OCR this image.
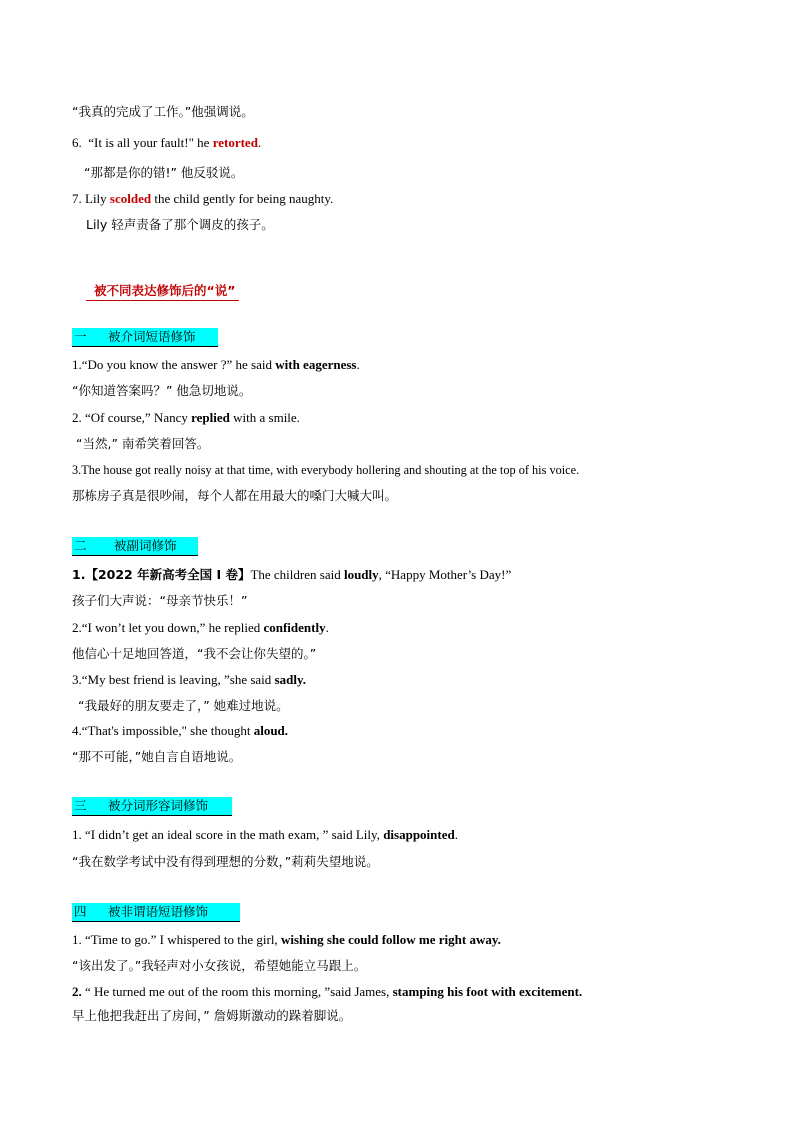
“我真的完成了工作。”他强调说。

6. “It is all your fault!" he retorted.

“那都是你的错!” 他反驳说。

7. Lily scolded the child gently for being naughty.

Lily 轻声责备了那个调皮的孩子。

被不同表达修饰后的“说”
一 被介词短语修饰

1.“Do you know the answer ?” he said with eagerness.

“你知道答案吗？” 他急切地说。

2. “Of course,” Nancy replied with a smile.

“当然,” 南希笑着回答。

3.The house got really noisy at that time, with everybody hollering and shouting at the top of his voice.

那栋房子真是很吵闹，每个人都在用最大的嗓门大喊大叫。

二 被副词修饰

1.【2022 年新高考全国 I 卷】The children said loudly, “Happy Mother’s Day!”

孩子们大声说：“母亲节快乐！”

2.“I won’t let you down,” he replied confidently.

他信心十足地回答道，“我不会让你失望的。”

3.“My best friend is leaving, ”she said sadly.

“我最好的朋友要走了，” 她难过地说。

4.“That's impossible," she thought aloud.

“那不可能，”她自言自语地说。

三 被分词形容词修饰

1. “I didn’t get an ideal score in the math exam, ” said Lily, disappointed.

“我在数学考试中没有得到理想的分数，”莉莉失望地说。

四 被非谓语短语修饰

1. “Time to go.” I whispered to the girl, wishing she could follow me right away.

“该出发了。”我轻声对小女孩说，希望她能立马跟上。

2. “ He turned me out of the room this morning, ”said James, stamping his foot with excitement.

早上他把我赶出了房间，” 詹姆斯激动的跺着脚说。
